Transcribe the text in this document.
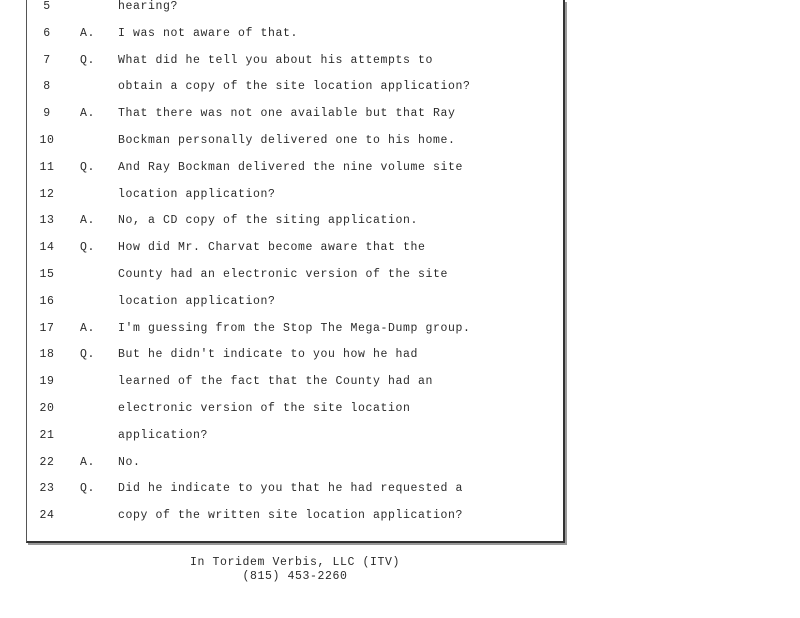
5	hearing?
6	A. I was not aware of that.
7	Q. What did he tell you about his attempts to
8	obtain a copy of the site location application?
9	A. That there was not one available but that Ray
10	Bockman personally delivered one to his home.
11 Q. And Ray Bockman delivered the nine volume site
12	location application?
13 A. No, a CD copy of the siting application.
14 Q. How did Mr. Charvat become aware that the
15	County had an electronic version of the site
16	location application?
17 A. I'm guessing from the Stop The Mega-Dump group.
18 Q. But he didn't indicate to you how he had
19	learned of the fact that the County had an
20	electronic version of the site location
21	application?
22 A. No.
23 Q. Did he indicate to you that he had requested a
24	copy of the written site location application?
In Toridem Verbis, LLC (ITV)
(815) 453-2260
